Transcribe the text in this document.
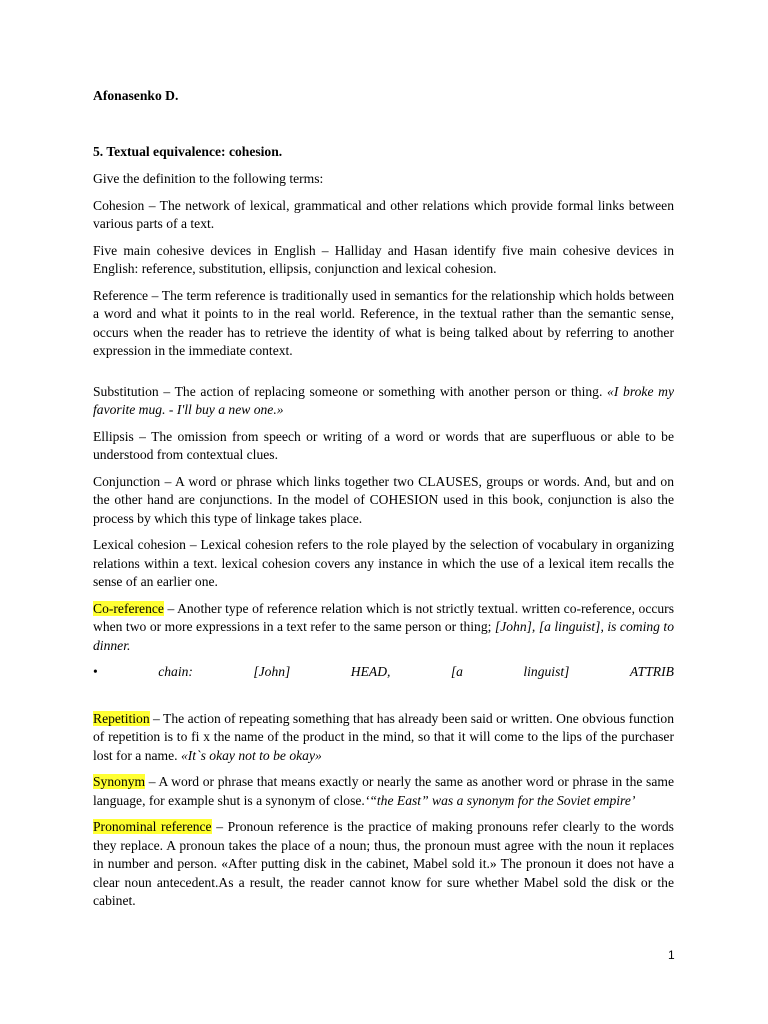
Afonasenko D.

5. Textual equivalence: cohesion.

Give the definition to the following terms:

Cohesion – The network of lexical, grammatical and other relations which provide formal links between various parts of a text.

Five main cohesive devices in English – Halliday and Hasan identify five main cohesive devices in English: reference, substitution, ellipsis, conjunction and lexical cohesion.

Reference – The term reference is traditionally used in semantics for the relationship which holds between a word and what it points to in the real world. Reference, in the textual rather than the semantic sense, occurs when the reader has to retrieve the identity of what is being talked about by referring to another expression in the immediate context.

Substitution – The action of replacing someone or something with another person or thing. «I broke my favorite mug. - I'll buy a new one.»

Ellipsis – The omission from speech or writing of a word or words that are superfluous or able to be understood from contextual clues.

Conjunction – A word or phrase which links together two CLAUSES, groups or words. And, but and on the other hand are conjunctions. In the model of COHESION used in this book, conjunction is also the process by which this type of linkage takes place.

Lexical cohesion – Lexical cohesion refers to the role played by the selection of vocabulary in organizing relations within a text. lexical cohesion covers any instance in which the use of a lexical item recalls the sense of an earlier one.

Co-reference – Another type of reference relation which is not strictly textual. written co-reference, occurs when two or more expressions in a text refer to the same person or thing; [John], [a linguist], is coming to dinner.

•	chain:	[John]	HEAD,	[a	linguist]	ATTRIB

Repetition – The action of repeating something that has already been said or written. One obvious function of repetition is to fi x the name of the product in the mind, so that it will come to the lips of the purchaser lost for a name. «It`s okay not to be okay»

Synonym – A word or phrase that means exactly or nearly the same as another word or phrase in the same language, for example shut is a synonym of close.‘“the East” was a synonym for the Soviet empire’

Pronominal reference – Pronoun reference is the practice of making pronouns refer clearly to the words they replace. A pronoun takes the place of a noun; thus, the pronoun must agree with the noun it replaces in number and person. «After putting disk in the cabinet, Mabel sold it.» The pronoun it does not have a clear noun antecedent.As a result, the reader cannot know for sure whether Mabel sold the disk or the cabinet.

1
